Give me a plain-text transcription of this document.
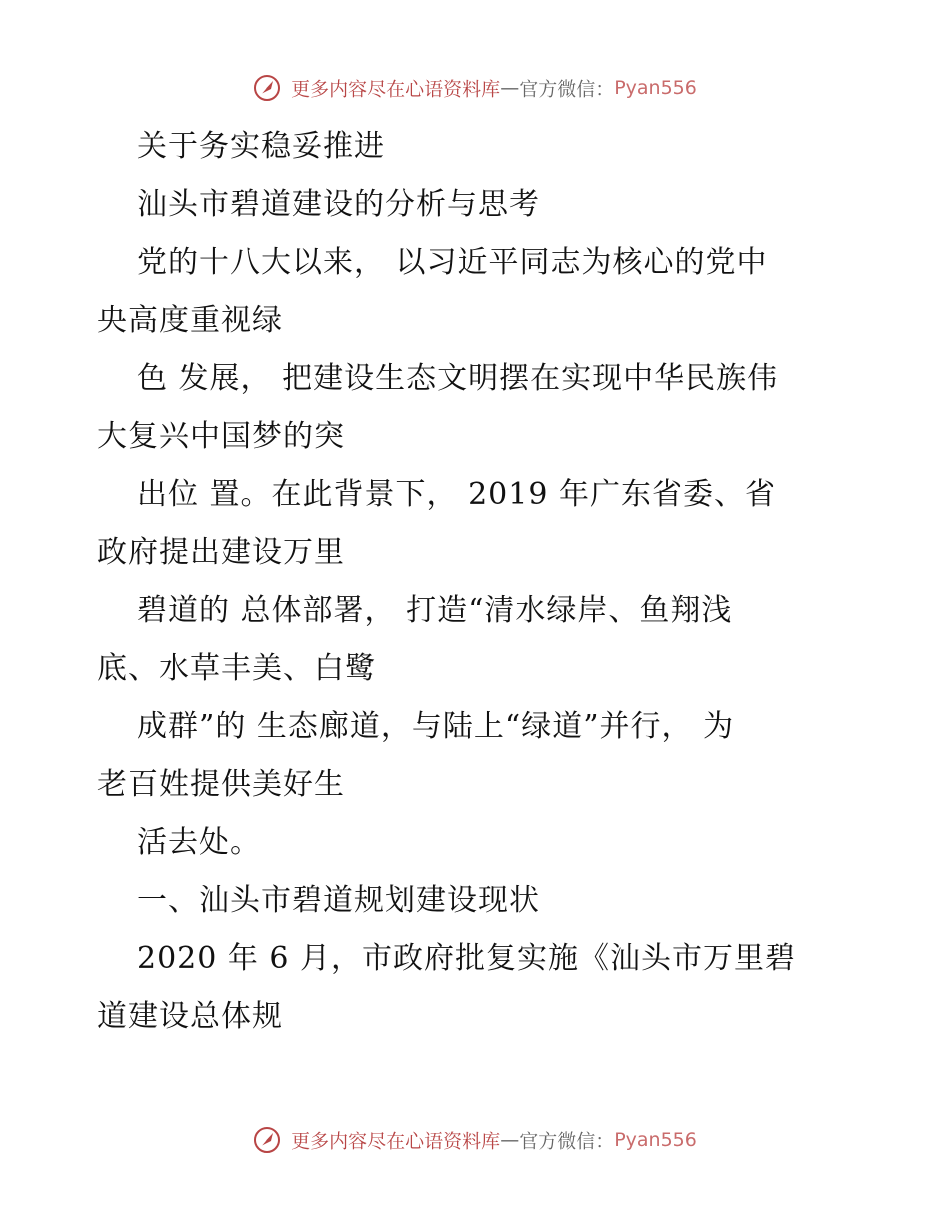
更多内容尽在心语资料库—官方微信：Pyan556
关于务实稳妥推进
汕头市碧道建设的分析与思考
党的十八大以来， 以习近平同志为核心的党中
央高度重视绿
色 发展， 把建设生态文明摆在实现中华民族伟
大复兴中国梦的突
出位 置。在此背景下， 2019 年广东省委、省
政府提出建设万里
碧道的 总体部署， 打造“清水绿岸、鱼翔浅
底、水草丰美、白鹭
成群”的 生态廊道，与陆上“绿道”并行， 为
老百姓提供美好生
活去处。
一、汕头市碧道规划建设现状
2020 年 6 月，市政府批复实施《汕头市万里碧
道建设总体规
更多内容尽在心语资料库—官方微信：Pyan556
